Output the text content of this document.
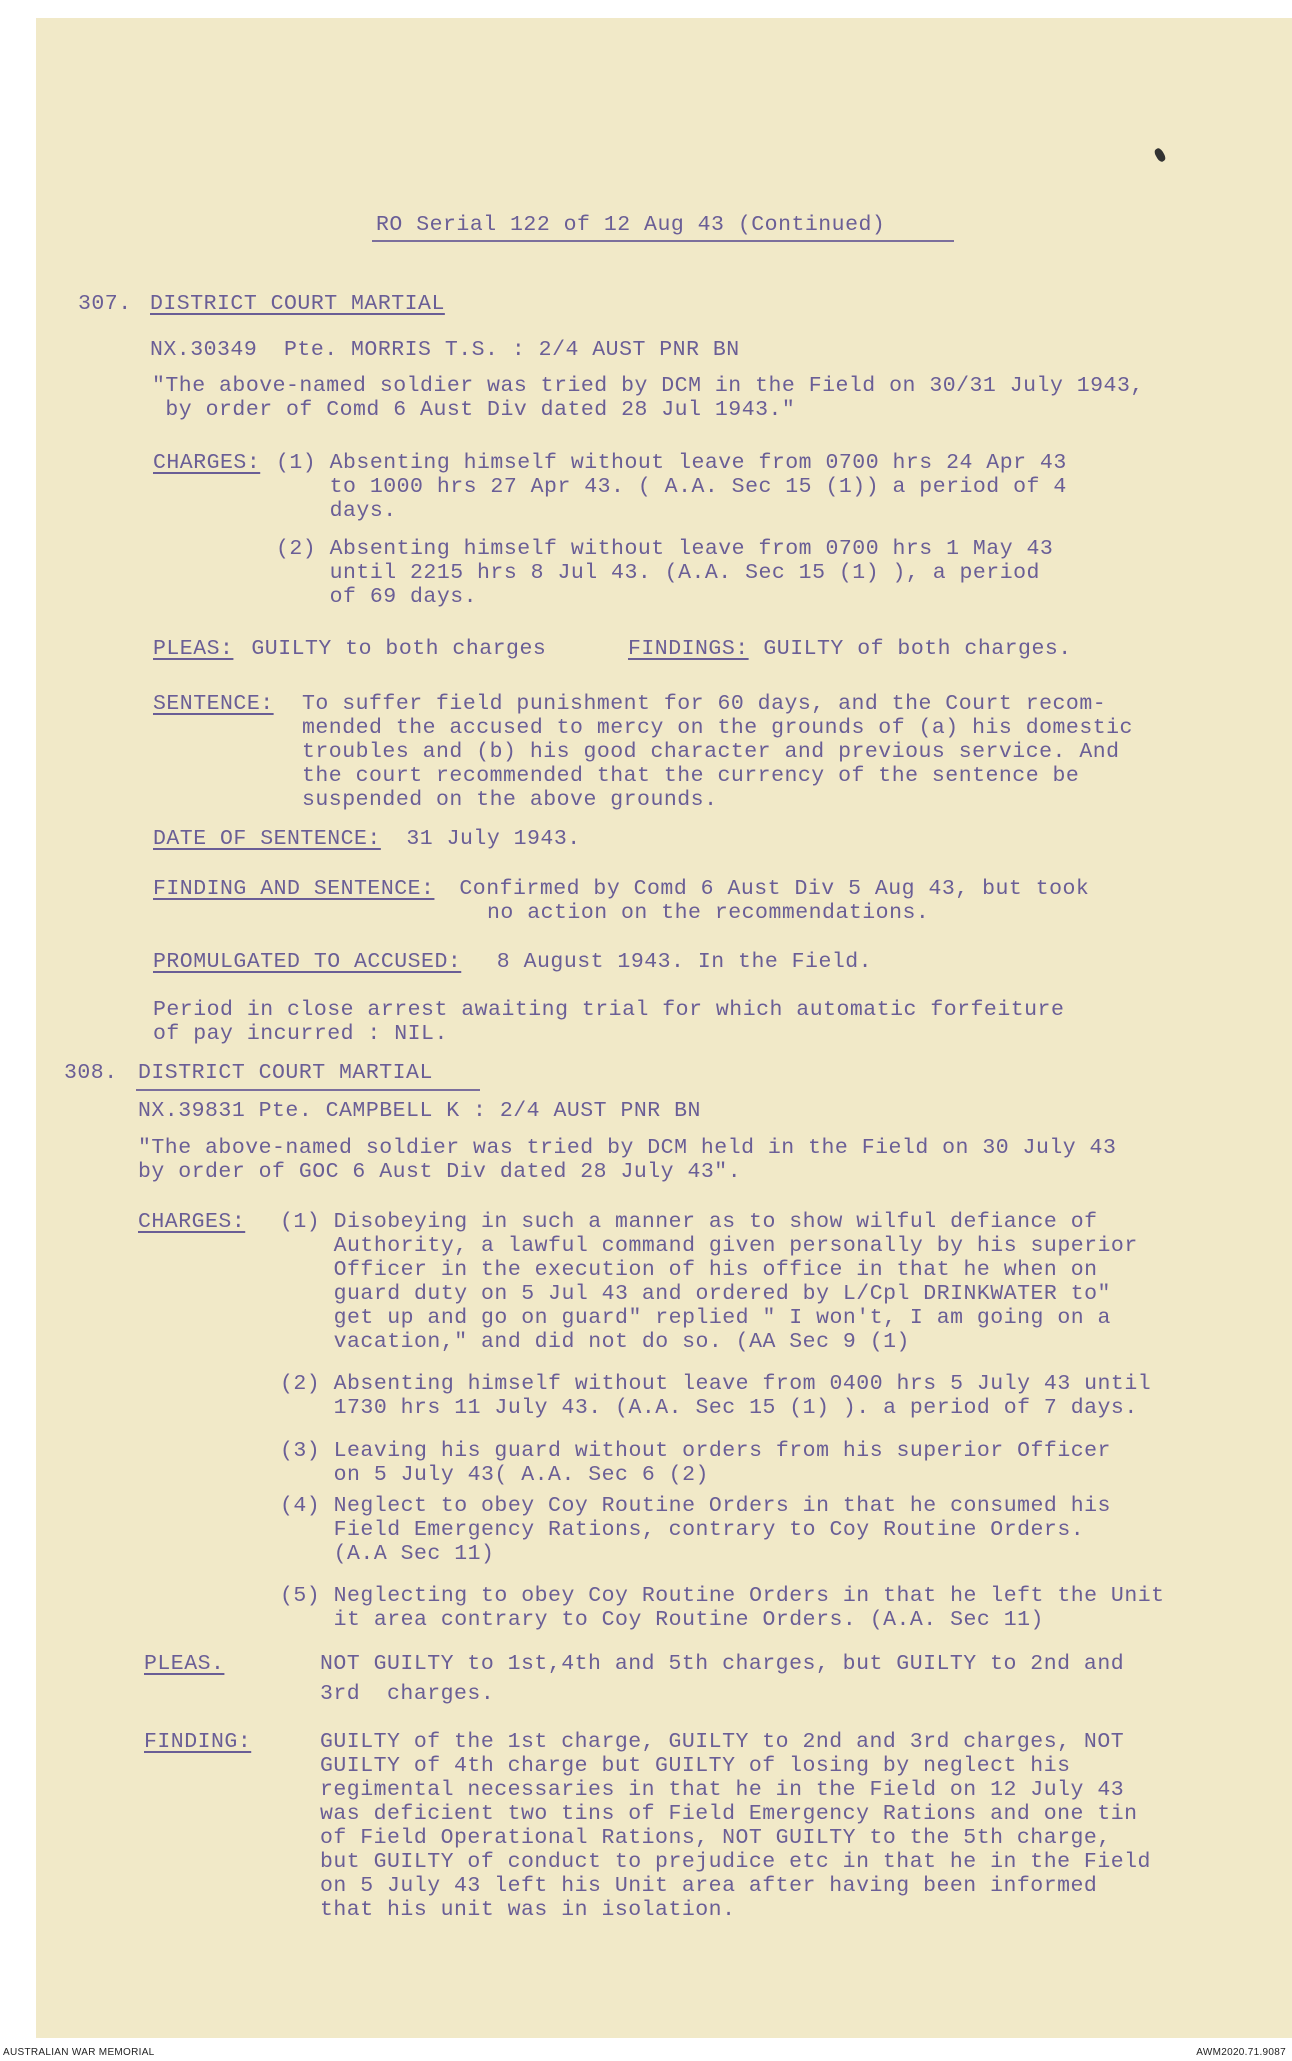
RO Serial 122 of 12 Aug 43 (Continued)
307. DISTRICT COURT MARTIAL
NX.30349  Pte. MORRIS T.S. : 2/4 AUST PNR BN
"The above-named soldier was tried by DCM in the Field on 30/31 July 1943,
by order of Comd 6 Aust Div dated 28 Jul 1943."
CHARGES: (1) Absenting himself without leave from 0700 hrs 24 Apr 43
to 1000 hrs 27 Apr 43. ( A.A. Sec 15 (1)) a period of 4
days.
(2) Absenting himself without leave from 0700 hrs 1 May 43
until 2215 hrs 8 Jul 43. (A.A. Sec 15 (1) ), a period
of 69 days.
PLEAS: GUILTY to both charges	FINDINGS: GUILTY of both charges.
SENTENCE: To suffer field punishment for 60 days, and the Court recom-
mended the accused to mercy on the grounds of (a) his domestic
troubles and (b) his good character and previous service. And
the court recommended that the currency of the sentence be
suspended on the above grounds.
DATE OF SENTENCE: 31 July 1943.
FINDING AND SENTENCE: Confirmed by Comd 6 Aust Div 5 Aug 43, but took
no action on the recommendations.
PROMULGATED TO ACCUSED: 8 August 1943. In the Field.
Period in close arrest awaiting trial for which automatic forfeiture
of pay incurred : NIL.
308. DISTRICT COURT MARTIAL
NX.39831 Pte. CAMPBELL K : 2/4 AUST PNR BN
"The above-named soldier was tried by DCM held in the Field on 30 July 43
by order of GOC 6 Aust Div dated 28 July 43".
CHARGES: (1) Disobeying in such a manner as to show wilful defiance of
Authority, a lawful command given personally by his superior
Officer in the execution of his office in that he when on
guard duty on 5 Jul 43 and ordered by L/Cpl DRINKWATER to"
get up and go on guard" replied " I won't, I am going on a
vacation," and did not do so. (AA Sec 9 (1)
(2) Absenting himself without leave from 0400 hrs 5 July 43 until
1730 hrs 11 July 43. (A.A. Sec 15 (1) ). a period of 7 days.
(3) Leaving his guard without orders from his superior Officer
on 5 July 43( A.A. Sec 6 (2)
(4) Neglect to obey Coy Routine Orders in that he consumed his
Field Emergency Rations, contrary to Coy Routine Orders.
(A.A Sec 11)
(5) Neglecting to obey Coy Routine Orders in that he left the Unit
it area contrary to Coy Routine Orders. (A.A. Sec 11)
PLEAS.	NOT GUILTY to 1st,4th and 5th charges, but GUILTY to 2nd and
3rd  charges.
FINDING:	GUILTY of the 1st charge, GUILTY to 2nd and 3rd charges, NOT
GUILTY of 4th charge but GUILTY of losing by neglect his
regimental necessaries in that he in the Field on 12 July 43
was deficient two tins of Field Emergency Rations and one tin
of Field Operational Rations, NOT GUILTY to the 5th charge,
but GUILTY of conduct to prejudice etc in that he in the Field
on 5 July 43 left his Unit area after having been informed
that his unit was in isolation.
AUSTRALIAN WAR MEMORIAL	AWM2020.71.9087
